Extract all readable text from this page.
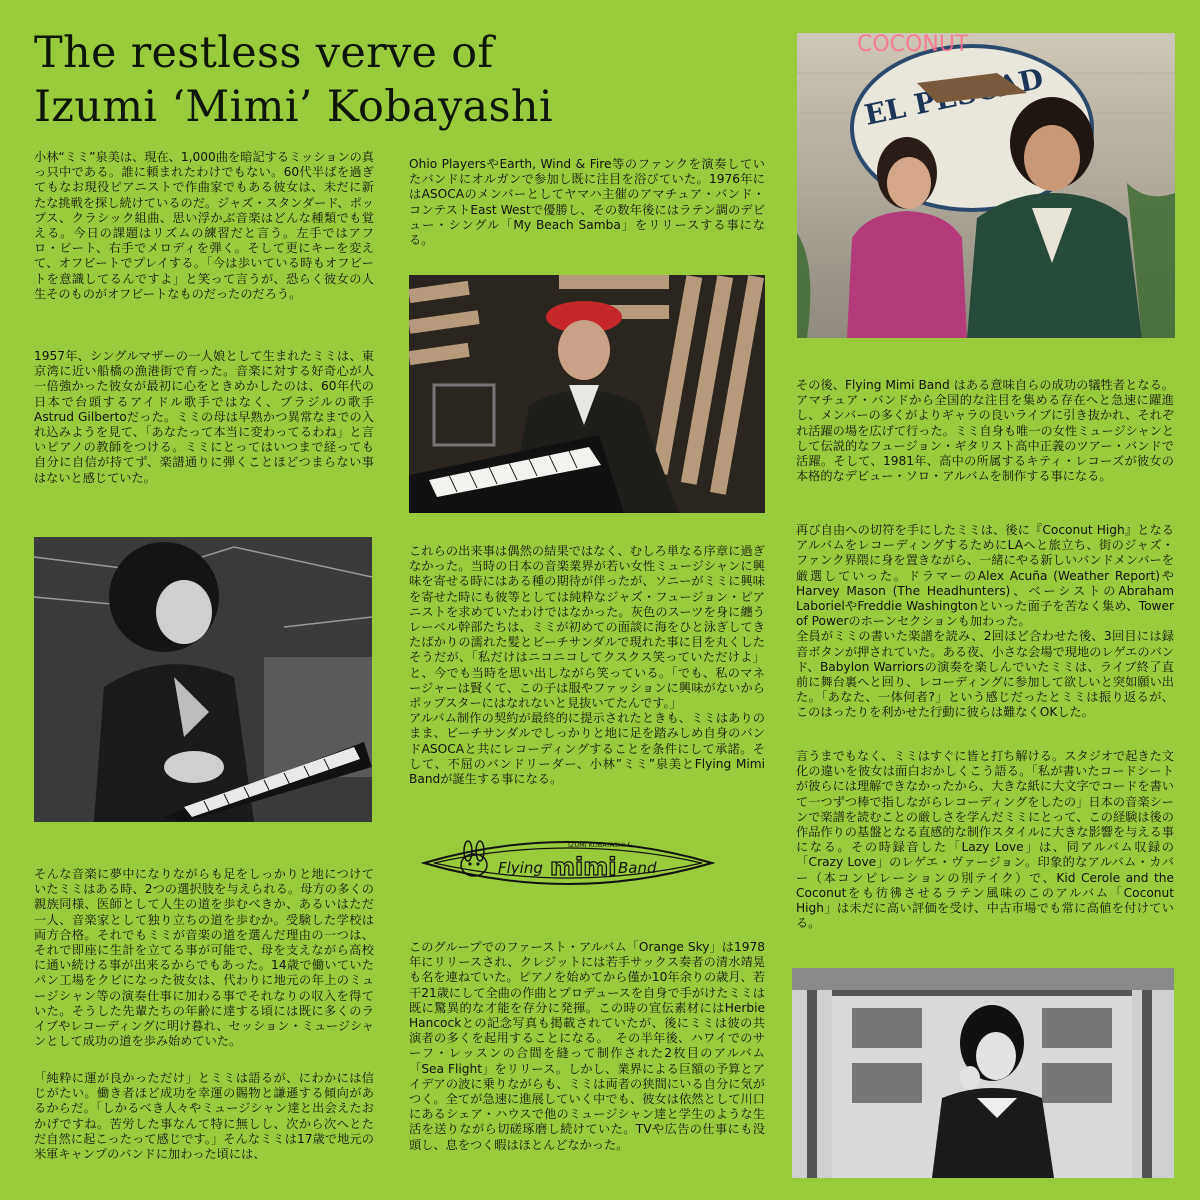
The restless verve of
Izumi ‘Mimi’ Kobayashi

小林“ミミ”泉美は、現在、1,000曲を暗記するミッションの真っ只中である。誰に頼まれたわけでもない。60代半ばを過ぎてもなお現役ピアニストで作曲家でもある彼女は、未だに新たな挑戦を探し続けているのだ。ジャズ・スタンダード、ポップス、クラシック組曲、思い浮かぶ音楽はどんな種類でも覚える。今日の課題はリズムの練習だと言う。左手ではアフロ・ビート、右手でメロディを弾く。そして更にキーを変えて、オフビートでプレイする。「今は歩いている時もオフビートを意識してるんですよ」と笑って言うが、恐らく彼女の人生そのものがオフビートなものだったのだろう。

1957年、シングルマザーの一人娘として生まれたミミは、東京湾に近い船橋の漁港街で育った。音楽に対する好奇心が人一倍強かった彼女が最初に心をときめかしたのは、60年代の日本で台頭するアイドル歌手ではなく、ブラジルの歌手Astrud Gilbertoだった。ミミの母は早熟かつ異常なまでの入れ込みようを見て、「あなたって本当に変わってるわね」と言いピアノの教師をつける。ミミにとってはいつまで経っても自分に自信が持てず、楽譜通りに弾くことほどつまらない事はないと感じていた。

そんな音楽に夢中になりながらも足をしっかりと地につけていたミミはある時、2つの選択肢を与えられる。母方の多くの親族同様、医師として人生の道を歩むべきか、あるいはただ一人、音楽家として独り立ちの道を歩むか。受験した学校は両方合格。それでもミミが音楽の道を選んだ理由の一つは、それで即座に生計を立てる事が可能で、母を支えながら高校に通い続ける事が出来るからでもあった。14歳で働いていたパン工場をクビになった彼女は、代わりに地元の年上のミュージシャン等の演奏仕事に加わる事でそれなりの収入を得ていた。そうした先輩たちの年齢に達する頃には既に多くのライブやレコーディングに明け暮れ、セッション・ミュージシャンとして成功の道を歩み始めていた。

「純粋に運が良かっただけ」とミミは語るが、にわかには信じがたい。働き者ほど成功を幸運の賜物と謙遜する傾向があるからだ。「しかるべき人々やミュージシャン達と出会えたおかげですね。苦労した事なんて特に無しし、次から次へとただ自然に起こったって感じです。」そんなミミは17歳で地元の米軍キャンプのバンドに加わった頃には、

Ohio PlayersやEarth, Wind & Fire等のファンクを演奏していたバンドにオルガンで参加し既に注目を浴びていた。1976年にはASOCAのメンバーとしてヤマハ主催のアマチュア・バンド・コンテストEast Westで優勝し、その数年後にはラテン調のデビュー・シングル「My Beach Samba」をリリースする事になる。

これらの出来事は偶然の結果ではなく、むしろ単なる序章に過ぎなかった。当時の日本の音楽業界が若い女性ミュージシャンに興味を寄せる時にはある種の期待が伴ったが、ソニーがミミに興味を寄せた時にも彼等としては純粋なジャズ・フュージョン・ピアニストを求めていたわけではなかった。灰色のスーツを身に纏うレーベル幹部たちは、ミミが初めての面談に海をひと泳ぎしてきたばかりの濡れた髪とビーチサンダルで現れた事に目を丸くしたそうだが、「私だけはニコニコしてクスクス笑っていただけよ」と、今でも当時を思い出しながら笑っている。「でも、私のマネージャーは賢くて、この子は服やファッションに興味がないからポップスターにはなれないと見抜いてたんです。」
アルバム制作の契約が最終的に提示されたときも、ミミはありのまま、ビーチサンダルでしっかりと地に足を踏みしめ自身のバンドASOCAと共にレコーディングすることを条件にして承諾。そして、不屈のバンドリーダー、小林”ミミ”泉美とFlying Mimi Bandが誕生する事になる。

このグループでのファースト・アルバム「Orange Sky」は1978年にリリースされ、クレジットには若手サックス奏者の清水靖晃も名を連ねていた。ピアノを始めてから僅か10年余りの歳月、若干21歳にして全曲の作曲とプロデュースを自身で手がけたミミは既に驚異的な才能を存分に発揮。この時の宣伝素材にはHerbie Hancockとの記念写真も掲載されていたが、後にミミは彼の共演者の多くを起用することになる。　その半年後、ハワイでのサーフ・レッスンの合間を縫って制作された2枚目のアルバム「Sea Flight」をリリース。しかし、業界による巨額の予算とアイデアの波に乗りながらも、ミミは両者の狭間にいる自分に気がつく。全てが急速に進展していく中でも、彼女は依然として川口にあるシェア・ハウスで他のミュージシャン達と学生のような生活を送りながら切磋琢磨し続けていた。TVや広告の仕事にも没頭し、息をつく暇はほとんどなかった。

その後、Flying Mimi Band はある意味自らの成功の犠牲者となる。アマチュア・バンドから全国的な注目を集める存在へと急速に躍進し、メンバーの多くがよりギャラの良いライブに引き抜かれ、それぞれ活躍の場を広げて行った。ミミ自身も唯一の女性ミュージシャンとして伝説的なフュージョン・ギタリスト高中正義のツアー・バンドで活躍。そして、1981年、高中の所属するキティ・レコーズが彼女の本格的なデビュー・ソロ・アルバムを制作する事になる。

再び自由への切符を手にしたミミは、後に『Coconut High』となるアルバムをレコーディングするためにLAへと旅立ち、街のジャズ・ファンク界隈に身を置きながら、一緒にやる新しいバンドメンバーを厳選していった。ドラマーのAlex Acuña (Weather Report)やHarvey Mason (The Headhunters)、ベーシストのAbraham LaborielやFreddie Washingtonといった面子を苦なく集め、Tower of Powerのホーンセクションも加わった。
全員がミミの書いた楽譜を読み、2回ほど合わせた後、3回目には録音ボタンが押されていた。ある夜、小さな会場で現地のレゲエのバンド、Babylon Warriorsの演奏を楽しんでいたミミは、ライブ終了直前に舞台裏へと回り、レコーディングに参加して欲しいと突如願い出た。「あなた、一体何者?」という感じだったとミミは振り返るが、このはったりを利かせた行動に彼らは難なくOKした。

言うまでもなく、ミミはすぐに皆と打ち解ける。スタジオで起きた文化の違いを彼女は面白おかしくこう語る。「私が書いたコードシートが彼らには理解できなかったから、大きな紙に大文字でコードを書いて一つずつ棒で指しながらレコーディングをしたの」日本の音楽シーンで楽譜を読むことの厳しさを学んだミミにとって、この経験は後の作品作りの基盤となる直感的な制作スタイルに大きな影響を与える事になる。その時録音した「Lazy Love」は、同アルバム収録の「Crazy Love」のレゲエ・ヴァージョン。印象的なアルバム・カバー（本コンピレーションの別テイク）で、Kid Cerole and the Coconutをも彷彿させるラテン風味のこのアルバム「Coconut High」は未だに高い評価を受け、中古市場でも常に高値を付けている。

EL
COCONUT
IZUMI KOBAYASHI &
Flying mimi Band
